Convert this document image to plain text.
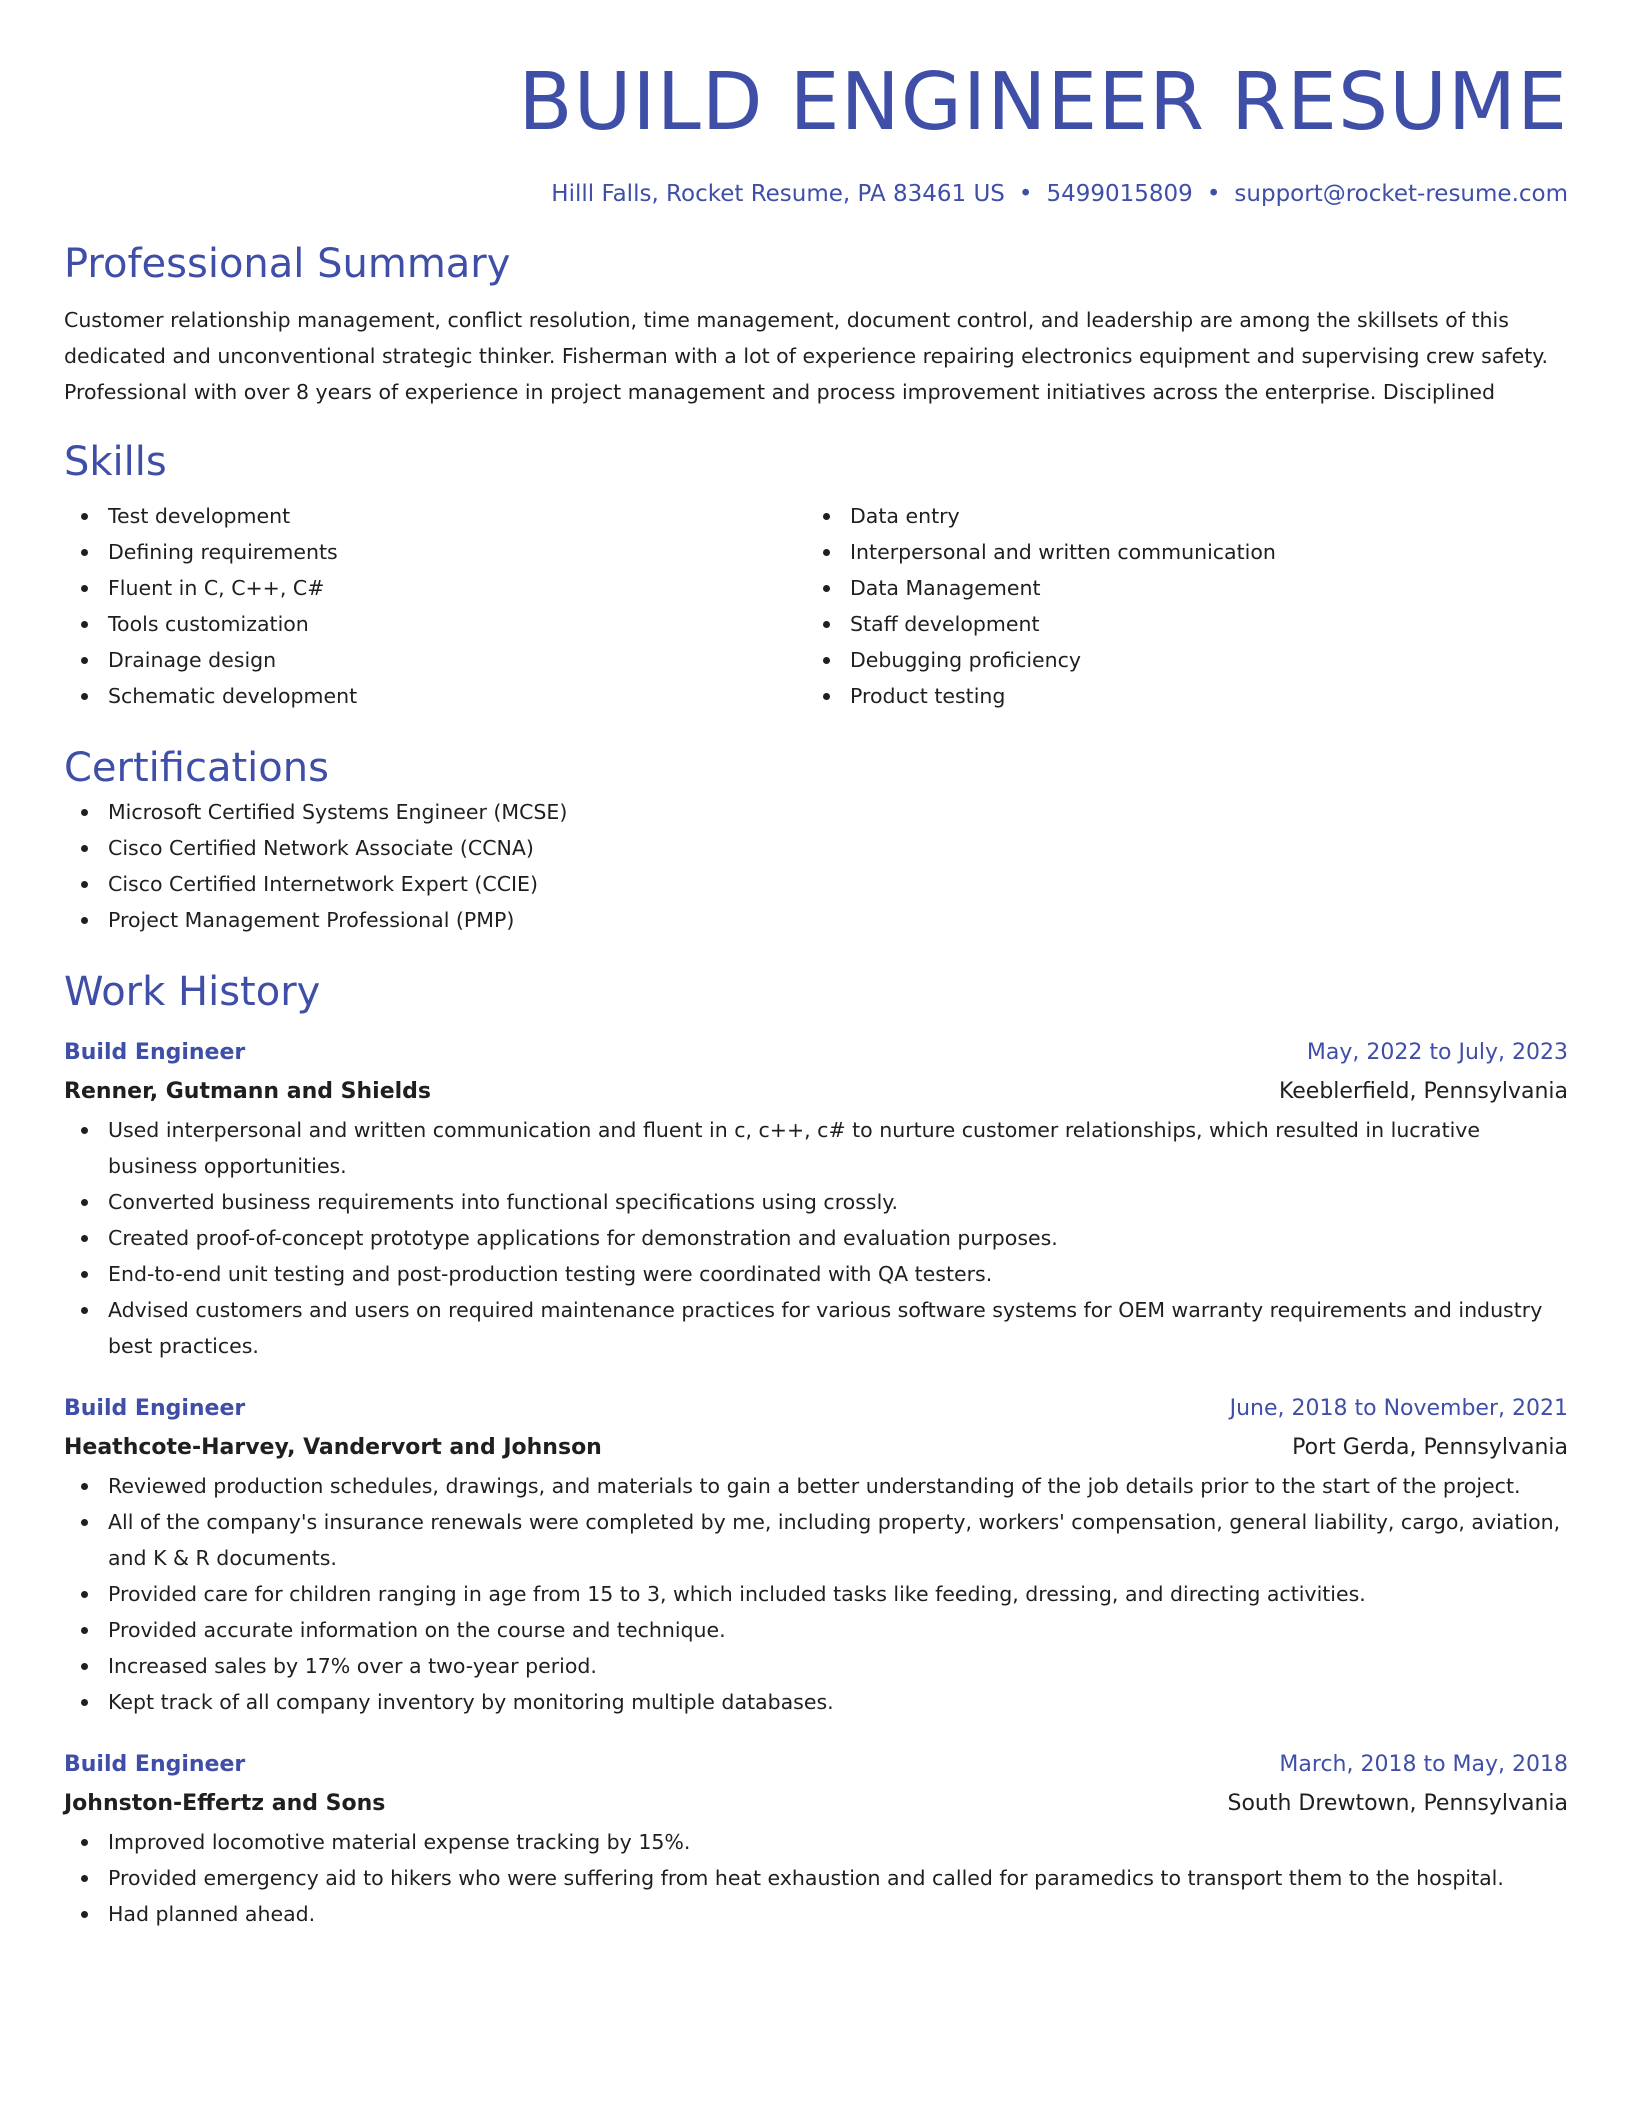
BUILD ENGINEER RESUME
Hilll Falls, Rocket Resume, PA 83461 US • 5499015809 • support@rocket-resume.com
Professional Summary
Customer relationship management, conflict resolution, time management, document control, and leadership are among the skillsets of this dedicated and unconventional strategic thinker. Fisherman with a lot of experience repairing electronics equipment and supervising crew safety. Professional with over 8 years of experience in project management and process improvement initiatives across the enterprise. Disciplined
Skills
Test development
Defining requirements
Fluent in C, C++, C#
Tools customization
Drainage design
Schematic development
Data entry
Interpersonal and written communication
Data Management
Staff development
Debugging proficiency
Product testing
Certifications
Microsoft Certified Systems Engineer (MCSE)
Cisco Certified Network Associate (CCNA)
Cisco Certified Internetwork Expert (CCIE)
Project Management Professional (PMP)
Work History
Build Engineer	May, 2022 to July, 2023
Renner, Gutmann and Shields	Keeblerfield, Pennsylvania
Used interpersonal and written communication and fluent in c, c++, c# to nurture customer relationships, which resulted in lucrative business opportunities.
Converted business requirements into functional specifications using crossly.
Created proof-of-concept prototype applications for demonstration and evaluation purposes.
End-to-end unit testing and post-production testing were coordinated with QA testers.
Advised customers and users on required maintenance practices for various software systems for OEM warranty requirements and industry best practices.
Build Engineer	June, 2018 to November, 2021
Heathcote-Harvey, Vandervort and Johnson	Port Gerda, Pennsylvania
Reviewed production schedules, drawings, and materials to gain a better understanding of the job details prior to the start of the project.
All of the company's insurance renewals were completed by me, including property, workers' compensation, general liability, cargo, aviation, and K & R documents.
Provided care for children ranging in age from 15 to 3, which included tasks like feeding, dressing, and directing activities.
Provided accurate information on the course and technique.
Increased sales by 17% over a two-year period.
Kept track of all company inventory by monitoring multiple databases.
Build Engineer	March, 2018 to May, 2018
Johnston-Effertz and Sons	South Drewtown, Pennsylvania
Improved locomotive material expense tracking by 15%.
Provided emergency aid to hikers who were suffering from heat exhaustion and called for paramedics to transport them to the hospital.
Had planned ahead.
